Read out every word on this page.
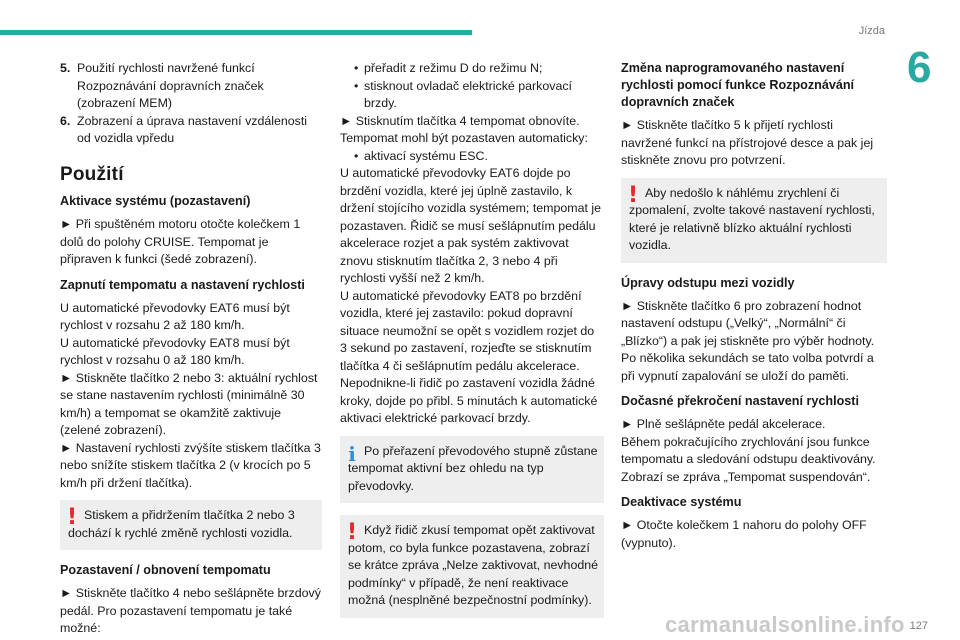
Jízda
6
5. Použití rychlosti navržené funkcí Rozpoznávání dopravních značek (zobrazení MEM)
6. Zobrazení a úprava nastavení vzdálenosti od vozidla vpředu
Použití
Aktivace systému (pozastavení)

► Při spuštěném motoru otočte kolečkem 1 dolů do polohy CRUISE. Tempomat je připraven k funkci (šedé zobrazení).

Zapnutí tempomatu a nastavení rychlosti

U automatické převodovky EAT6 musí být rychlost v rozsahu 2 až 180 km/h.

U automatické převodovky EAT8 musí být rychlost v rozsahu 0 až 180 km/h.

► Stiskněte tlačítko 2 nebo 3: aktuální rychlost se stane nastavením rychlosti (minimálně 30 km/h) a tempomat se okamžitě zaktivuje (zelené zobrazení).

► Nastavení rychlosti zvýšíte stiskem tlačítka 3 nebo snížíte stiskem tlačítka 2 (v krocích po 5 km/h při držení tlačítka).

! Stiskem a přidržením tlačítka 2 nebo 3 dochází k rychlé změně rychlosti vozidla.
Pozastavení / obnovení tempomatu

► Stiskněte tlačítko 4 nebo sešlápněte brzdový pedál. Pro pozastavení tempomatu je také možné:

• přeřadit z režimu D do režimu N;
• stisknout ovladač elektrické parkovací brzdy.

► Stisknutím tlačítka 4 tempomat obnovíte.

Tempomat mohl být pozastaven automaticky:

• aktivací systému ESC.

U automatické převodovky EAT6 dojde po brzdění vozidla, které jej úplně zastavilo, k držení stojícího vozidla systémem; tempomat je pozastaven. Řidič se musí sešlápnutím pedálu akcelerace rozjet a pak systém zaktivovat znovu stisknutím tlačítka 2, 3 nebo 4 při rychlosti vyšší než 2 km/h.

U automatické převodovky EAT8 po brzdění vozidla, které jej zastavilo: pokud dopravní situace neumožní se opět s vozidlem rozjet do 3 sekund po zastavení, rozjeďte se stisknutím tlačítka 4 či sešlápnutím pedálu akcelerace. Nepodnikne-li řidič po zastavení vozidla žádné kroky, dojde po přibl. 5 minutách k automatické aktivaci elektrické parkovací brzdy.

i Po přeřazení převodového stupně zůstane tempomat aktivní bez ohledu na typ převodovky.
! Když řidič zkusí tempomat opět zaktivovat potom, co byla funkce pozastavena, zobrazí se krátce zpráva „Nelze zaktivovat, nevhodné podmínky“ v případě, že není reaktivace možná (nesplněné bezpečnostní podmínky).
Změna naprogramovaného nastavení rychlosti pomocí funkce Rozpoznávání dopravních značek

► Stiskněte tlačítko 5 k přijetí rychlosti navržené funkcí na přístrojové desce a pak jej stiskněte znovu pro potvrzení.

! Aby nedošlo k náhlému zrychlení či zpomalení, zvolte takové nastavení rychlosti, které je relativně blízko aktuální rychlosti vozidla.
Úpravy odstupu mezi vozidly

► Stiskněte tlačítko 6 pro zobrazení hodnot nastavení odstupu („Velký“, „Normální“ či „Blízko“) a pak jej stiskněte pro výběr hodnoty.

Po několika sekundách se tato volba potvrdí a při vypnutí zapalování se uloží do paměti.

Dočasné překročení nastavení rychlosti

► Plně sešlápněte pedál akcelerace.

Během pokračujícího zrychlování jsou funkce tempomatu a sledování odstupu deaktivovány.

Zobrazí se zpráva „Tempomat suspendován“.

Deaktivace systému

► Otočte kolečkem 1 nahoru do polohy OFF (vypnuto).

carmanualsonline.info 127
